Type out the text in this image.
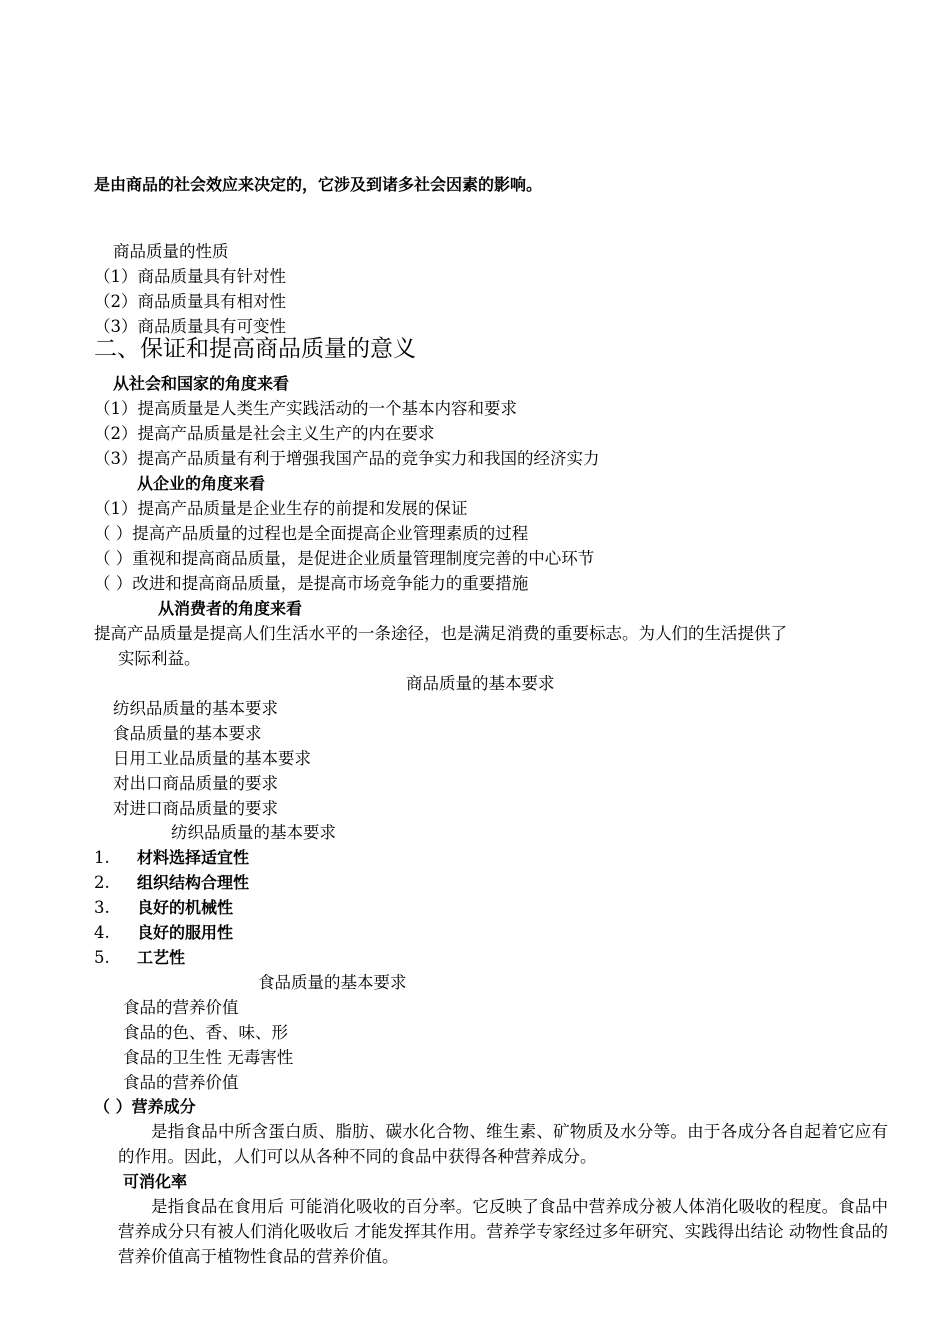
是由商品的社会效应来决定的，它涉及到诸多社会因素的影响。
商品质量的性质
（1）商品质量具有针对性
（2）商品质量具有相对性
（3）商品质量具有可变性
二、保证和提高商品质量的意义
从社会和国家的角度来看
（1）提高质量是人类生产实践活动的一个基本内容和要求
（2）提高产品质量是社会主义生产的内在要求
（3）提高产品质量有利于增强我国产品的竞争实力和我国的经济实力
从企业的角度来看
（1）提高产品质量是企业生存的前提和发展的保证
（ ）提高产品质量的过程也是全面提高企业管理素质的过程
（ ）重视和提高商品质量，是促进企业质量管理制度完善的中心环节
（ ）改进和提高商品质量，是提高市场竞争能力的重要措施
从消费者的角度来看
提高产品质量是提高人们生活水平的一条途径，也是满足消费的重要标志。为人们的生活提供了
实际利益。
商品质量的基本要求
纺织品质量的基本要求
食品质量的基本要求
日用工业品质量的基本要求
对出口商品质量的要求
对进口商品质量的要求
纺织品质量的基本要求
1. 材料选择适宜性
2. 组织结构合理性
3. 良好的机械性
4. 良好的服用性
5. 工艺性
食品质量的基本要求
食品的营养价值
食品的色、香、味、形
食品的卫生性 无毒害性
食品的营养价值
（ ）营养成分
是指食品中所含蛋白质、脂肪、碳水化合物、维生素、矿物质及水分等。由于各成分各自起着它应有的作用。因此，人们可以从各种不同的食品中获得各种营养成分。
可消化率
是指食品在食用后 可能消化吸收的百分率。它反映了食品中营养成分被人体消化吸收的程度。食品中营养成分只有被人们消化吸收后 才能发挥其作用。营养学专家经过多年研究、实践得出结论 动物性食品的营养价值高于植物性食品的营养价值。
